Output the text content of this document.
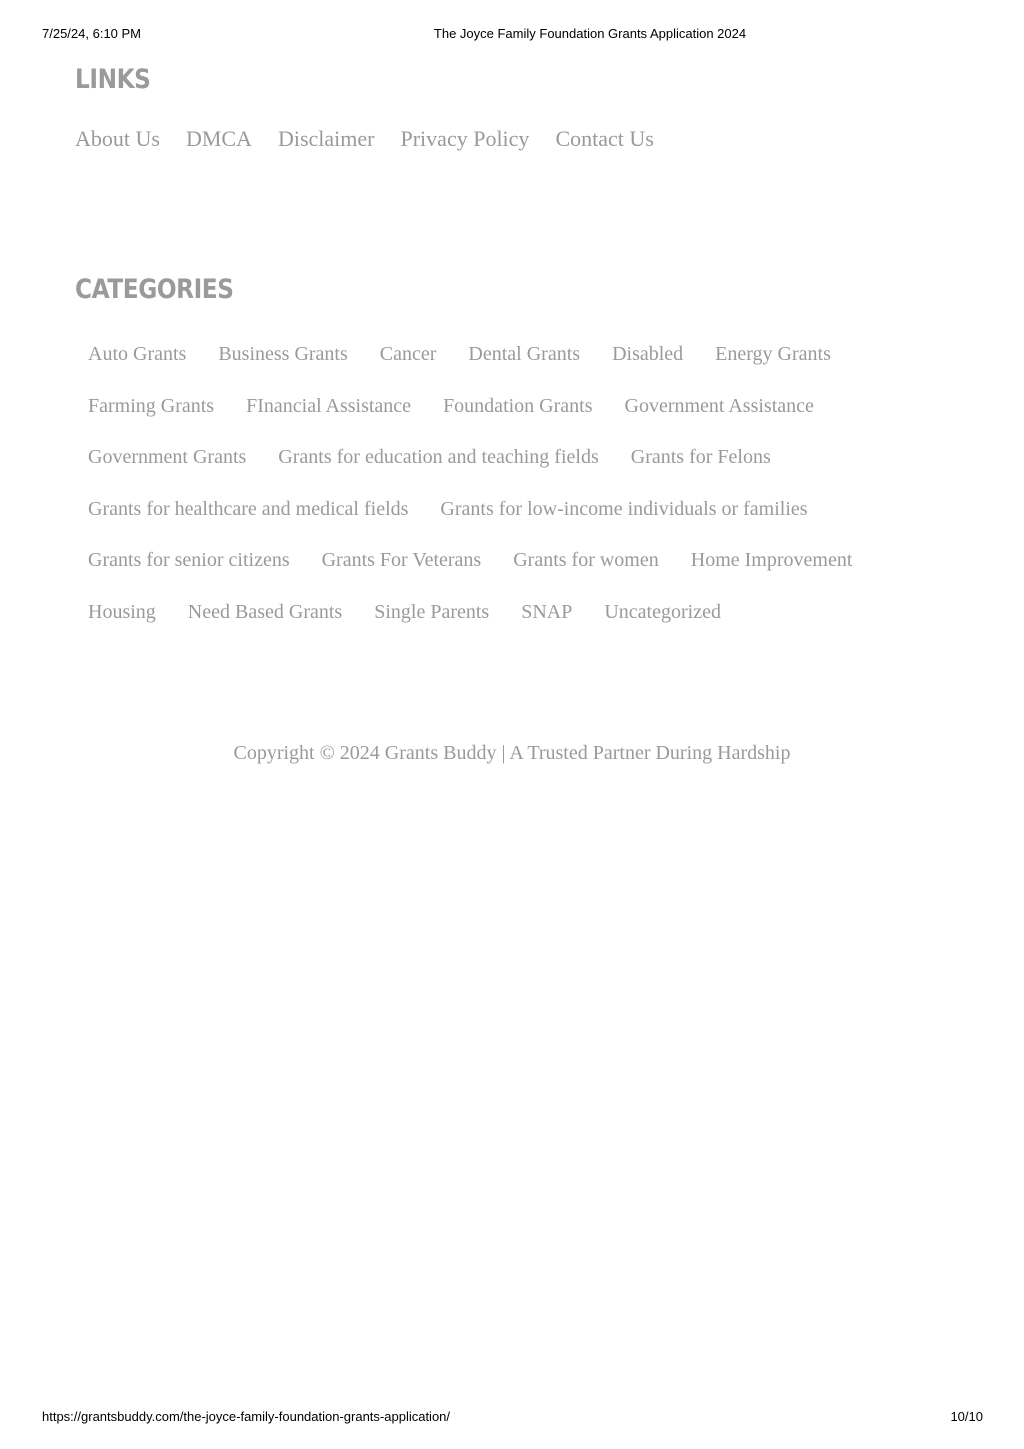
7/25/24, 6:10 PM	The Joyce Family Foundation Grants Application 2024
LINKS
About Us DMCA Disclaimer Privacy Policy Contact Us
CATEGORIES
Auto Grants Business Grants Cancer Dental Grants Disabled Energy Grants
Farming Grants FInancial Assistance Foundation Grants Government Assistance
Government Grants Grants for education and teaching fields Grants for Felons
Grants for healthcare and medical fields Grants for low-income individuals or families
Grants for senior citizens Grants For Veterans Grants for women Home Improvement
Housing Need Based Grants Single Parents SNAP Uncategorized
Copyright © 2024 Grants Buddy | A Trusted Partner During Hardship
https://grantsbuddy.com/the-joyce-family-foundation-grants-application/	10/10
